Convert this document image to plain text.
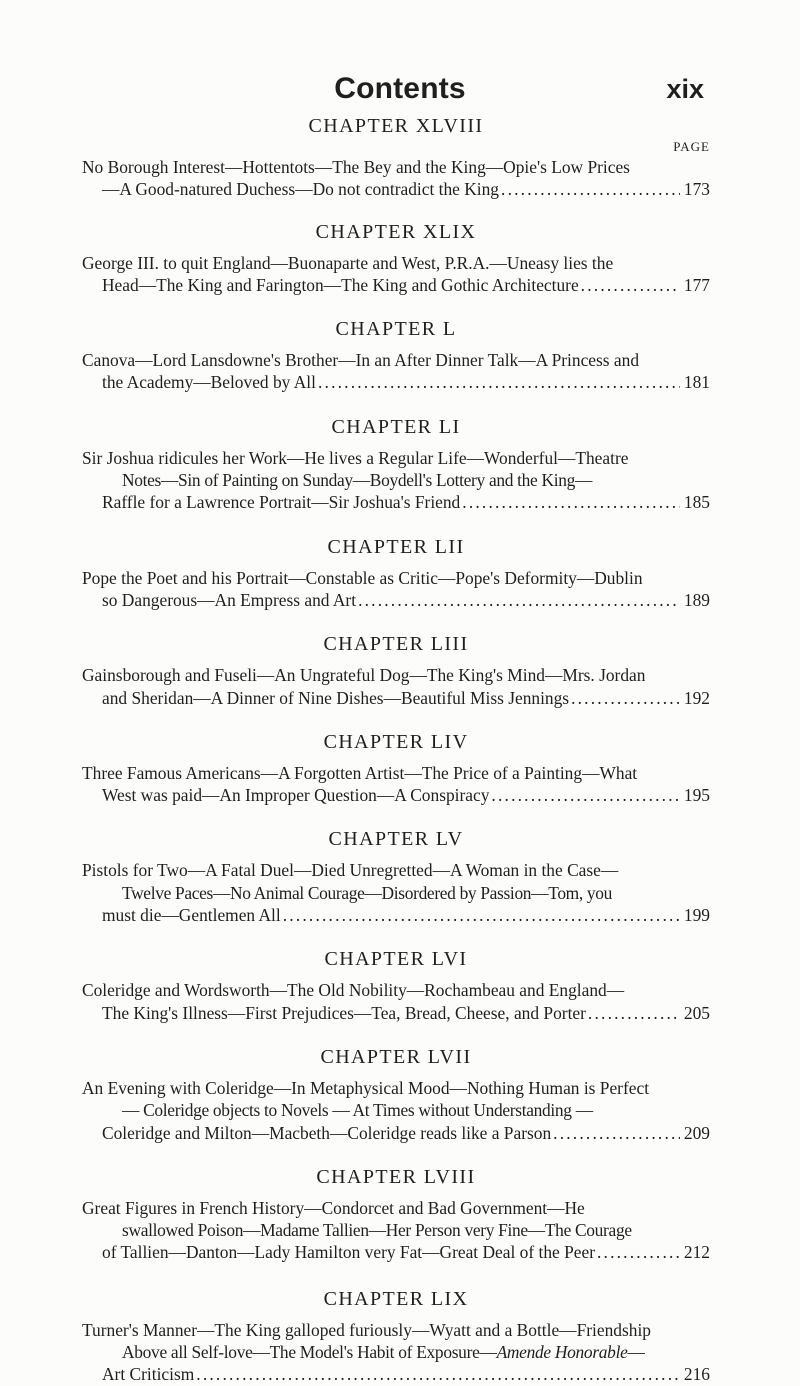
Contents	xix
CHAPTER XLVIII
PAGE
No Borough Interest—Hottentots—The Bey and the King—Opie's Low Prices
—A Good-natured Duchess—Do not contradict the King .....	173
CHAPTER XLIX
George III. to quit England—Buonaparte and West, P.R.A.—Uneasy lies the
Head—The King and Farington—The King and Gothic Architecture .....	177
CHAPTER L
Canova—Lord Lansdowne's Brother—In an After Dinner Talk—A Princess and
the Academy—Beloved by All .....	181
CHAPTER LI
Sir Joshua ridicules her Work—He lives a Regular Life—Wonderful—Theatre
Notes—Sin of Painting on Sunday—Boydell's Lottery and the King—
Raffle for a Lawrence Portrait—Sir Joshua's Friend .....	185
CHAPTER LII
Pope the Poet and his Portrait—Constable as Critic—Pope's Deformity—Dublin
so Dangerous—An Empress and Art .....	189
CHAPTER LIII
Gainsborough and Fuseli—An Ungrateful Dog—The King's Mind—Mrs. Jordan
and Sheridan—A Dinner of Nine Dishes—Beautiful Miss Jennings .....	192
CHAPTER LIV
Three Famous Americans—A Forgotten Artist—The Price of a Painting—What
West was paid—An Improper Question—A Conspiracy .....	195
CHAPTER LV
Pistols for Two—A Fatal Duel—Died Unregretted—A Woman in the Case—
Twelve Paces—No Animal Courage—Disordered by Passion—Tom, you
must die—Gentlemen All .....	199
CHAPTER LVI
Coleridge and Wordsworth—The Old Nobility—Rochambeau and England—
The King's Illness—First Prejudices—Tea, Bread, Cheese, and Porter .....	205
CHAPTER LVII
An Evening with Coleridge—In Metaphysical Mood—Nothing Human is Perfect
— Coleridge objects to Novels — At Times without Understanding —
Coleridge and Milton—Macbeth—Coleridge reads like a Parson .....	209
CHAPTER LVIII
Great Figures in French History—Condorcet and Bad Government—He
swallowed Poison—Madame Tallien—Her Person very Fine—The Courage
of Tallien—Danton—Lady Hamilton very Fat—Great Deal of the Peer .....	212
CHAPTER LIX
Turner's Manner—The King galloped furiously—Wyatt and a Bottle—Friendship
Above all Self-love—The Model's Habit of Exposure—Amende Honorable—
Art Criticism .....	216
